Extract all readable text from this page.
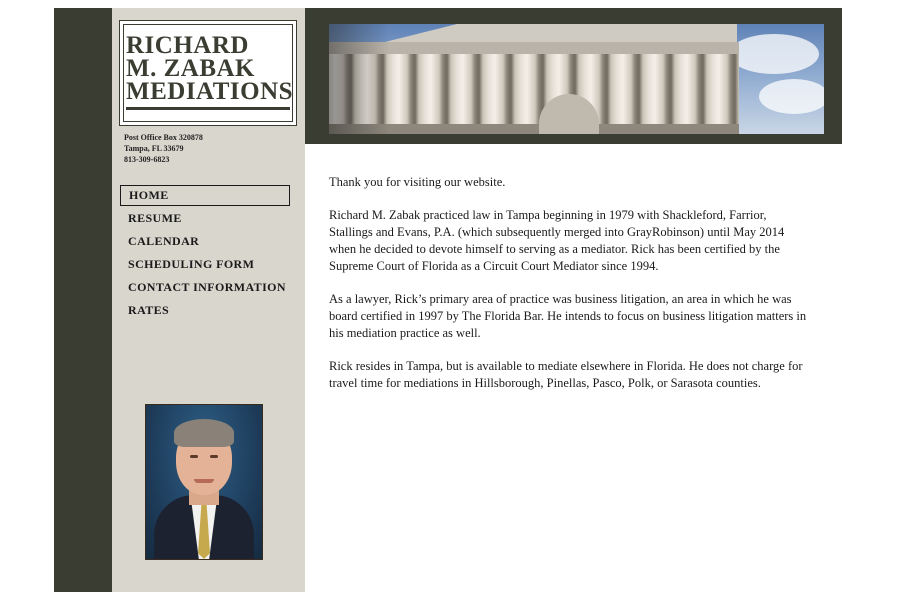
RICHARD
M. ZABAK
MEDIATIONS
Post Office Box 320878
Tampa, FL 33679
813-309-6823
HOME
RESUME
CALENDAR
SCHEDULING FORM
CONTACT INFORMATION
RATES

Thank you for visiting our website.

Richard M. Zabak practiced law in Tampa beginning in 1979 with Shackleford, Farrior, Stallings and Evans, P.A. (which subsequently merged into GrayRobinson) until May 2014 when he decided to devote himself to serving as a mediator. Rick has been certified by the Supreme Court of Florida as a Circuit Court Mediator since 1994.

As a lawyer, Rick’s primary area of practice was business litigation, an area in which he was board certified in 1997 by The Florida Bar. He intends to focus on business litigation matters in his mediation practice as well.

Rick resides in Tampa, but is available to mediate elsewhere in Florida. He does not charge for travel time for mediations in Hillsborough, Pinellas, Pasco, Polk, or Sarasota counties.
